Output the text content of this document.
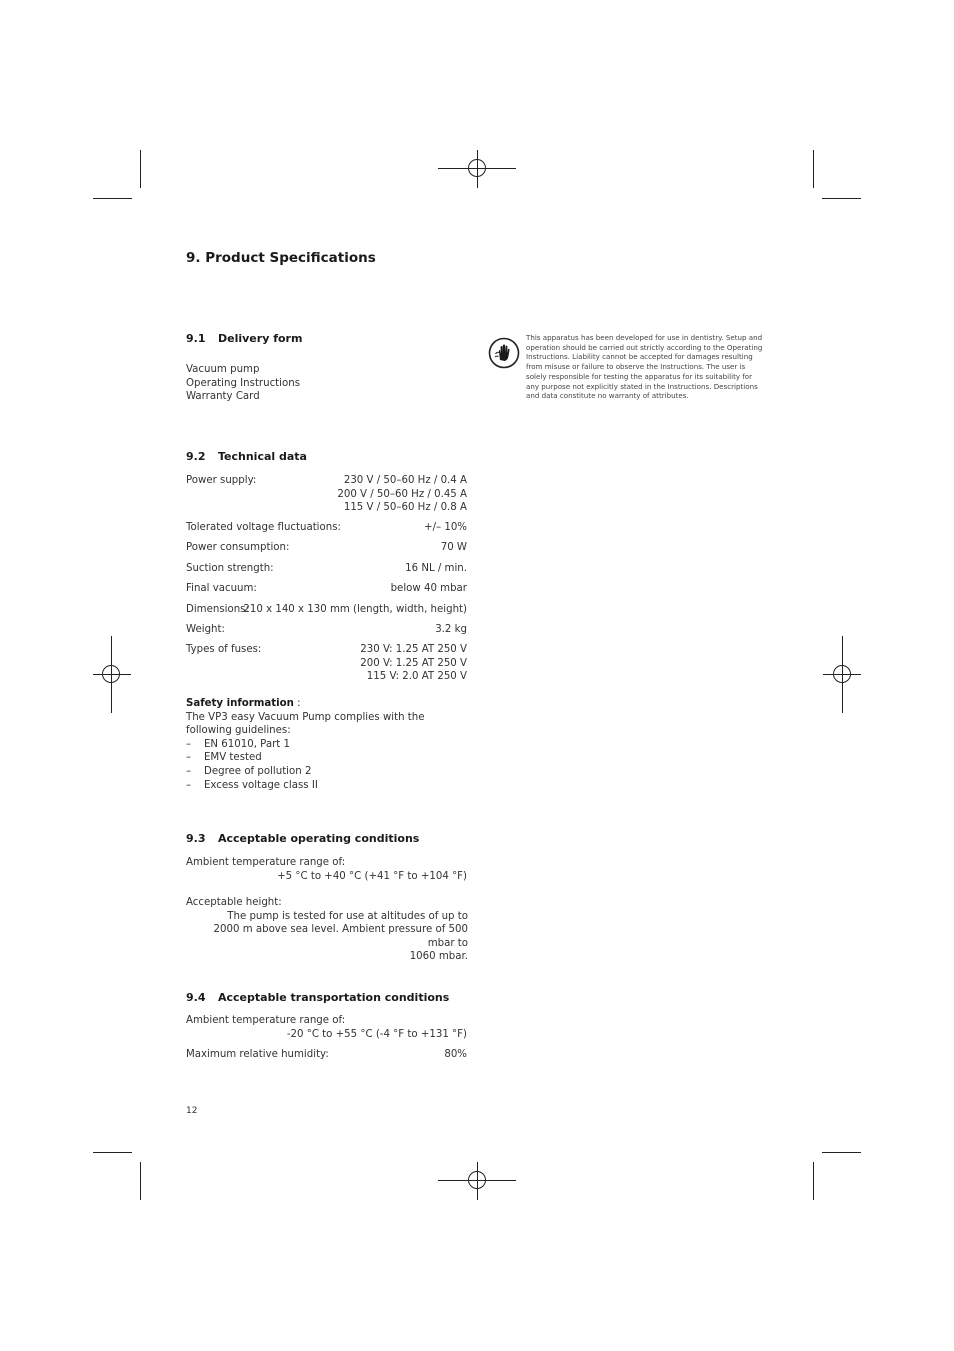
9. Product Specifications
This apparatus has been developed for use in dentistry. Setup and operation should be carried out strictly according to the Operating Instructions. Liability cannot be accepted for damages resulting from misuse or failure to observe the Instructions. The user is solely responsible for testing the apparatus for its suitability for any purpose not explicitly stated in the Instructions. Descriptions and data constitute no warranty of attributes.
9.1 Delivery form
Vacuum pump
Operating Instructions
Warranty Card
9.2 Technical data
Power supply:	230 V / 50–60 Hz / 0.4 A
200 V / 50–60 Hz / 0.45 A
115 V / 50–60 Hz / 0.8 A
Tolerated voltage fluctuations:	+/– 10%
Power consumption:	70 W
Suction strength:	16 NL / min.
Final vacuum:	below 40 mbar
Dimensions:
210 x 140 x 130 mm (length, width, height)
Weight:	3.2 kg
Types of fuses:	230 V: 1.25 AT 250 V
200 V: 1.25 AT 250 V
115 V: 2.0 AT 250 V
Safety information :
The VP3 easy Vacuum Pump complies with the following guidelines:
– EN 61010, Part 1
– EMV tested
– Degree of pollution 2
– Excess voltage class II
9.3 Acceptable operating conditions
Ambient temperature range of:
+5 °C to +40 °C (+41 °F to +104 °F)
Acceptable height:
The pump is tested for use at altitudes of up to
2000 m above sea level. Ambient pressure of 500 mbar to
1060 mbar.
9.4 Acceptable transportation conditions
Ambient temperature range of:
-20 °C to +55 °C (-4 °F to +131 °F)
Maximum relative humidity:	80%
12
